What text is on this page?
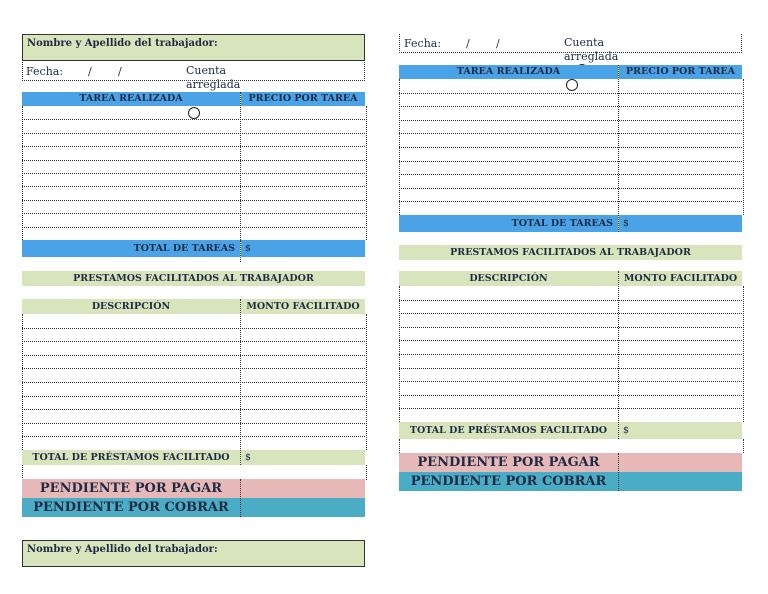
Nombre y Apellido del trabajador:
Fecha: / /	Cuenta arreglada
TAREA REALIZADA	PRECIO POR TAREA
TOTAL DE TAREAS	$
PRESTAMOS FACILITADOS AL TRABAJADOR
DESCRIPCIÓN	MONTO FACILITADO
TOTAL DE PRÉSTAMOS FACILITADO	$
PENDIENTE POR PAGAR
PENDIENTE POR COBRAR
Nombre y Apellido del trabajador:
Fecha: / /	Cuenta arreglada
TAREA REALIZADA	PRECIO POR TAREA
TOTAL DE TAREAS	$
PRESTAMOS FACILITADOS AL TRABAJADOR
DESCRIPCIÓN	MONTO FACILITADO
TOTAL DE PRÉSTAMOS FACILITADO	$
PENDIENTE POR PAGAR
PENDIENTE POR COBRAR
